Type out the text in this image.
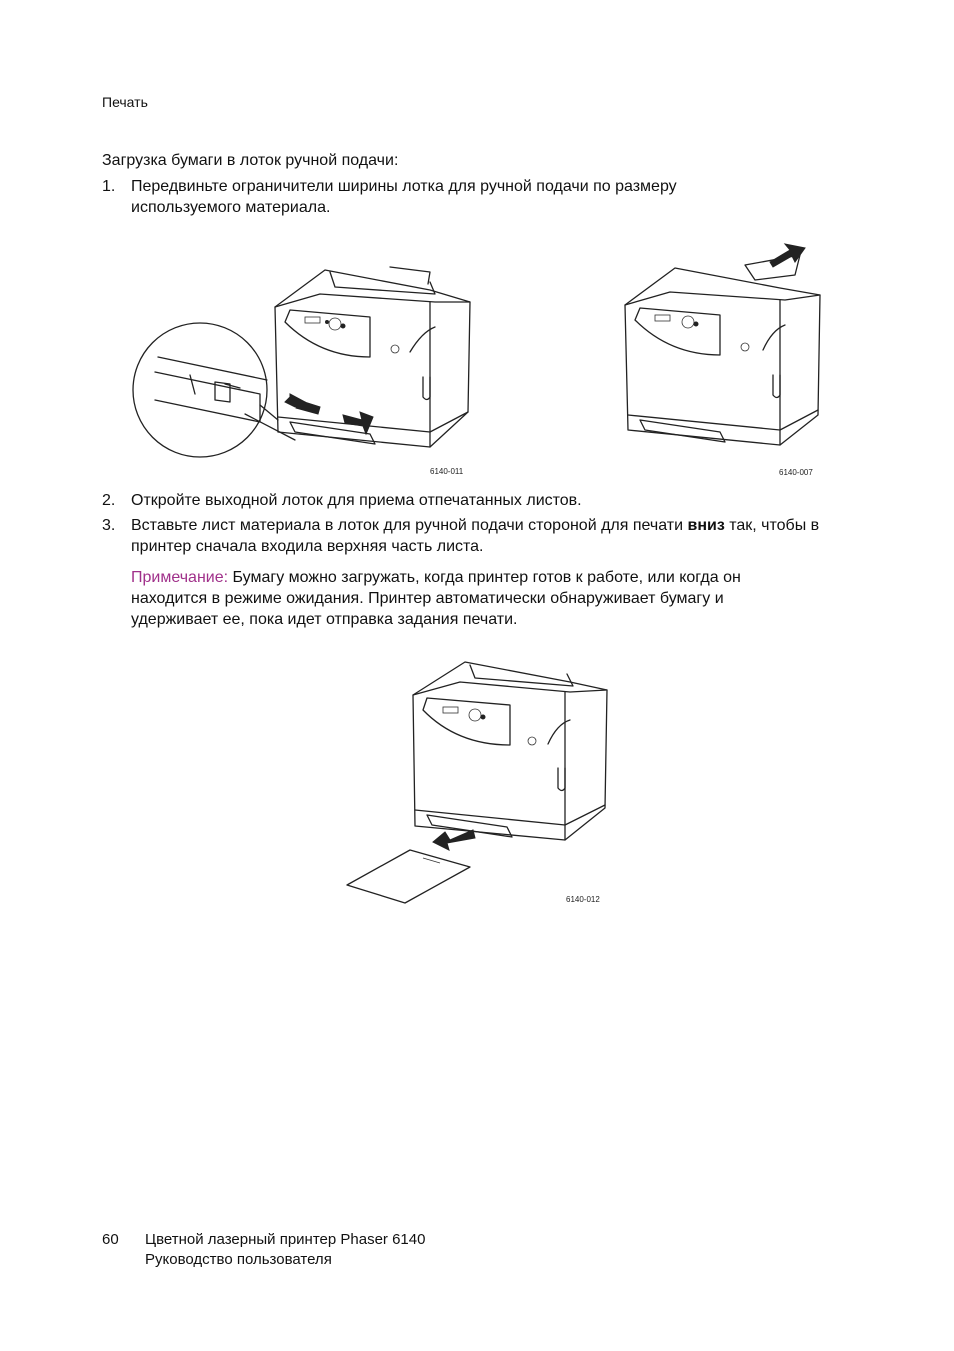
Печать
Загрузка бумаги в лоток ручной подачи:
1. Передвиньте ограничители ширины лотка для ручной подачи по размеру используемого материала.
6140-011	6140-007
2. Откройте выходной лоток для приема отпечатанных листов.
3. Вставьте лист материала в лоток для ручной подачи стороной для печати вниз так, чтобы в принтер сначала входила верхняя часть листа.
Примечание: Бумагу можно загружать, когда принтер готов к работе, или когда он находится в режиме ожидания. Принтер автоматически обнаруживает бумагу и удерживает ее, пока идет отправка задания печати.
6140-012
60 Цветной лазерный принтер Phaser 6140
Руководство пользователя
